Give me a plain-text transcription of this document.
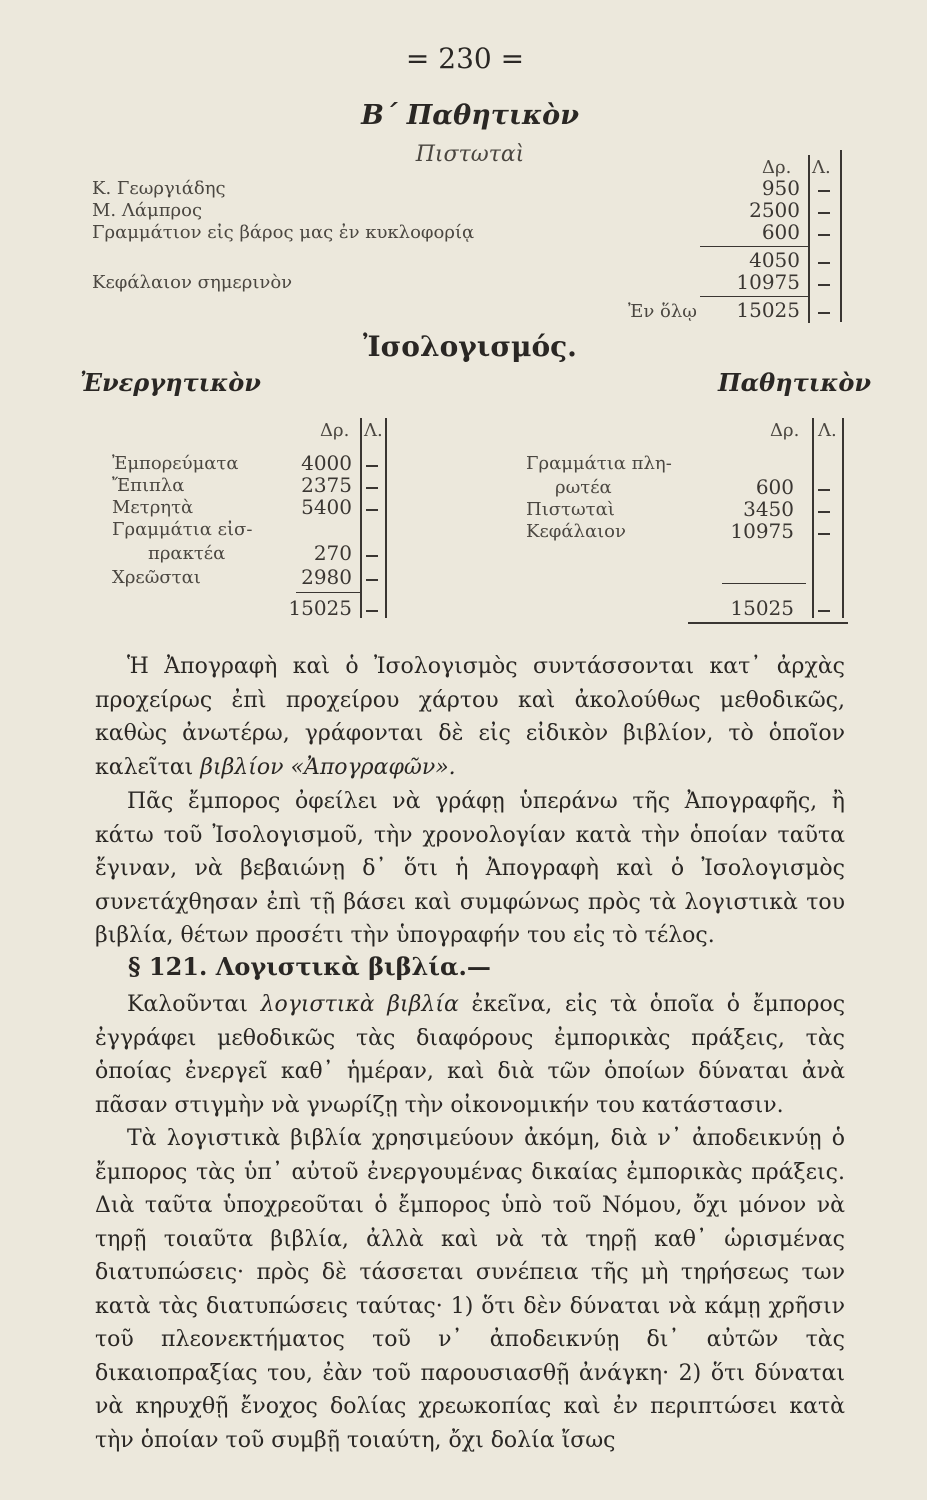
= 230 =
Β΄ Παθητικὸν
Πιστωταὶ
Δρ. Λ.
Κ. Γεωργιάδης	950
Μ. Λάμπρος	2500
Γραμμάτιον εἰς βάρος μας ἐν κυκλοφορίᾳ	600
4050
Κεφάλαιον σημερινὸν	10975
Ἐν ὅλῳ	15025
Ἰσολογισμός.
Ἐνεργητικὸν	Παθητικὸν
Δρ. Λ.	Δρ. Λ.
Ἐμπορεύματα	4000
Ἔπιπλα	2375
Μετρητὰ	5400
Γραμμάτια εἰσ-
πρακτέα	270
Χρεῶσται	2980
15025
Γραμμάτια πλη-
ρωτέα	600
Πιστωταὶ	3450
Κεφάλαιον	10975
15025
Ἡ Ἀπογραφὴ καὶ ὁ Ἰσολογισμὸς συντάσσονται κατ᾽ ἀρχὰς προχείρως ἐπὶ προχείρου χάρτου καὶ ἀκολούθως μεθοδικῶς, καθὼς ἀνωτέρω, γράφονται δὲ εἰς εἰδικὸν βιβλίον, τὸ ὁποῖον καλεῖται βιβλίον «Ἀπογραφῶν».
Πᾶς ἔμπορος ὀφείλει νὰ γράφῃ ὑπεράνω τῆς Ἀπογραφῆς, ἢ κάτω τοῦ Ἰσολογισμοῦ, τὴν χρονολογίαν κατὰ τὴν ὁποίαν ταῦτα ἔγιναν, νὰ βεβαιώνῃ δ᾽ ὅτι ἡ Ἀπογραφὴ καὶ ὁ Ἰσολογισμὸς συνετάχθησαν ἐπὶ τῇ βάσει καὶ συμφώνως πρὸς τὰ λογιστικὰ του βιβλία, θέτων προσέτι τὴν ὑπογραφήν του εἰς τὸ τέλος.
§ 121. Λογιστικὰ βιβλία.—
Καλοῦνται λογιστικὰ βιβλία ἐκεῖνα, εἰς τὰ ὁποῖα ὁ ἔμπορος ἐγγράφει μεθοδικῶς τὰς διαφόρους ἐμπορικὰς πράξεις, τὰς ὁποίας ἐνεργεῖ καθ᾽ ἡμέραν, καὶ διὰ τῶν ὁποίων δύναται ἀνὰ πᾶσαν στιγμὴν νὰ γνωρίζῃ τὴν οἰκονομικήν του κατάστασιν.
Τὰ λογιστικὰ βιβλία χρησιμεύουν ἀκόμη, διὰ ν᾽ ἀποδεικνύῃ ὁ ἔμπορος τὰς ὑπ᾽ αὐτοῦ ἐνεργουμένας δικαίας ἐμπορικὰς πράξεις. Διὰ ταῦτα ὑποχρεοῦται ὁ ἔμπορος ὑπὸ τοῦ Νόμου, ὄχι μόνον νὰ τηρῇ τοιαῦτα βιβλία, ἀλλὰ καὶ νὰ τὰ τηρῇ καθ᾽ ὡρισμένας διατυπώσεις· πρὸς δὲ τάσσεται συνέπεια τῆς μὴ τηρήσεως των κατὰ τὰς διατυπώσεις ταύτας· 1) ὅτι δὲν δύναται νὰ κάμῃ χρῆσιν τοῦ πλεονεκτήματος τοῦ ν᾽ ἀποδεικνύῃ δι᾽ αὐτῶν τὰς δικαιοπραξίας του, ἐὰν τοῦ παρουσιασθῇ ἀνάγκη· 2) ὅτι δύναται νὰ κηρυχθῇ ἔνοχος δολίας χρεωκοπίας καὶ ἐν περιπτώσει κατὰ τὴν ὁποίαν τοῦ συμβῇ τοιαύτη, ὄχι δολία ἴσως
